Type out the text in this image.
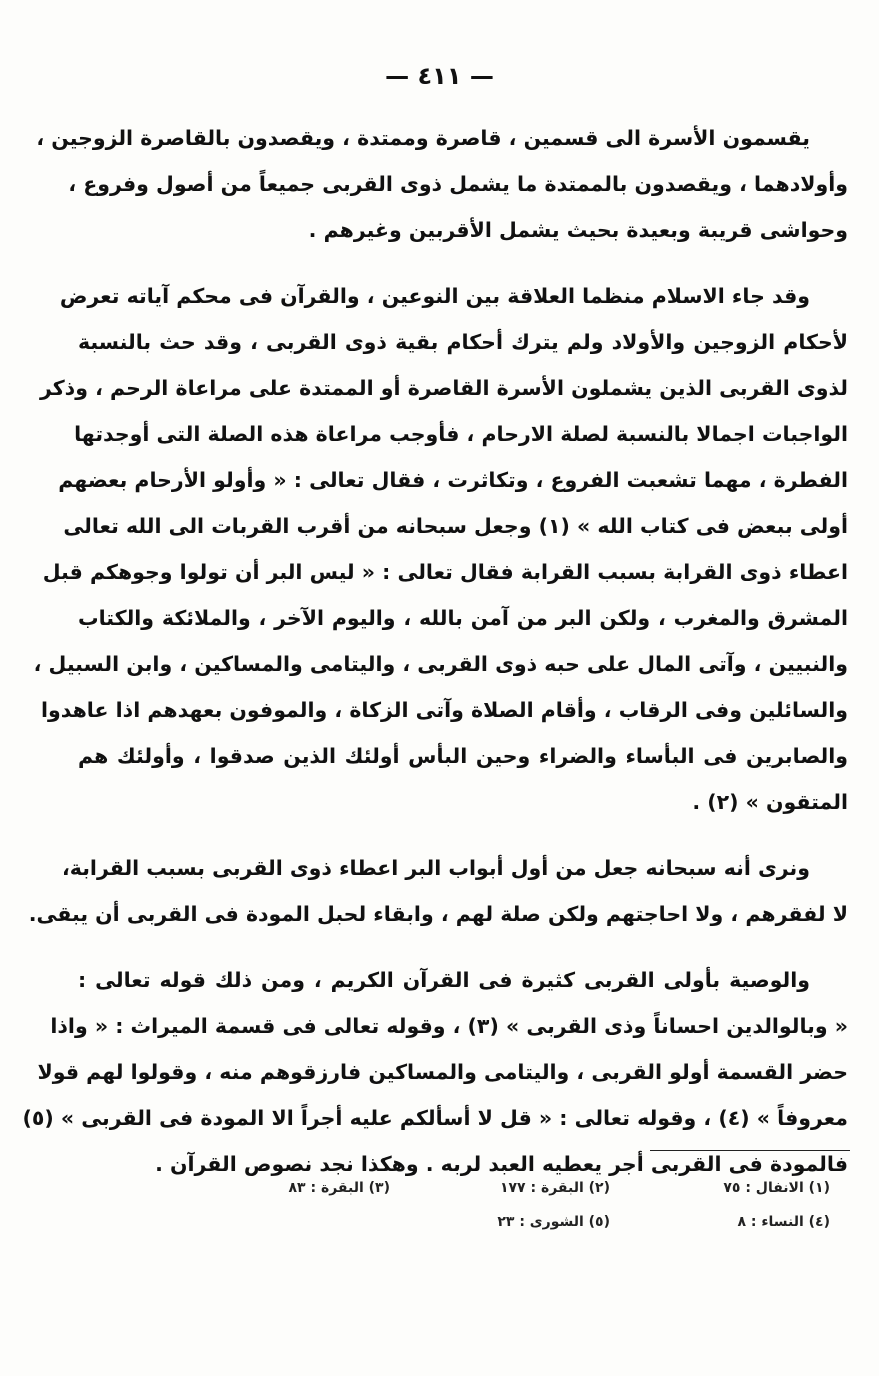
— ٤١١ —

يقسمون الأسرة الى قسمين ، قاصرة وممتدة ، ويقصدون بالقاصرة الزوجين ،
وأولادهما ، ويقصدون بالممتدة ما يشمل ذوى القربى جميعاً من أصول وفروع ،
وحواشى قريبة وبعيدة بحيث يشمل الأقربين وغيرهم .

وقد جاء الاسلام منظما العلاقة بين النوعين ، والقرآن فى محكم آياته تعرض
لأحكام الزوجين والأولاد ولم يترك أحكام بقية ذوى القربى ، وقد حث بالنسبة
لذوى القربى الذين يشملون الأسرة القاصرة أو الممتدة على مراعاة الرحم ، وذكر
الواجبات اجمالا بالنسبة لصلة الارحام ، فأوجب مراعاة هذه الصلة التى أوجدتها
الفطرة ، مهما تشعبت الفروع ، وتكاثرت ، فقال تعالى : « وأولو الأرحام بعضهم
أولى ببعض فى كتاب الله » (١) وجعل سبحانه من أقرب القربات الى الله تعالى
اعطاء ذوى القرابة بسبب القرابة فقال تعالى : « ليس البر أن تولوا وجوهكم قبل
المشرق والمغرب ، ولكن البر من آمن بالله ، واليوم الآخر ، والملائكة والكتاب
والنبيين ، وآتى المال على حبه ذوى القربى ، واليتامى والمساكين ، وابن السبيل ،
والسائلين وفى الرقاب ، وأقام الصلاة وآتى الزكاة ، والموفون بعهدهم اذا عاهدوا
والصابرين فى البأساء والضراء وحين البأس أولئك الذين صدقوا ، وأولئك هم
المتقون » (٢) .

ونرى أنه سبحانه جعل من أول أبواب البر اعطاء ذوى القربى بسبب القرابة،
لا لفقرهم ، ولا احاجتهم ولكن صلة لهم ، وابقاء لحبل المودة فى القربى أن يبقى.

والوصية بأولى القربى كثيرة فى القرآن الكريم ، ومن ذلك قوله تعالى :
« وبالوالدين احساناً وذى القربى » (٣) ، وقوله تعالى فى قسمة الميراث : « واذا
حضر القسمة أولو القربى ، واليتامى والمساكين فارزقوهم منه ، وقولوا لهم قولا
معروفاً » (٤) ، وقوله تعالى : « قل لا أسألكم عليه أجراً الا المودة فى القربى » (٥)
فالمودة فى القربى أجر يعطيه العبد لربه . وهكذا نجد نصوص القرآن .

(١) الانفال : ٧٥
(٢) البقرة : ١٧٧
(٣) البقرة : ٨٣
(٤) النساء : ٨
(٥) الشورى : ٢٣
